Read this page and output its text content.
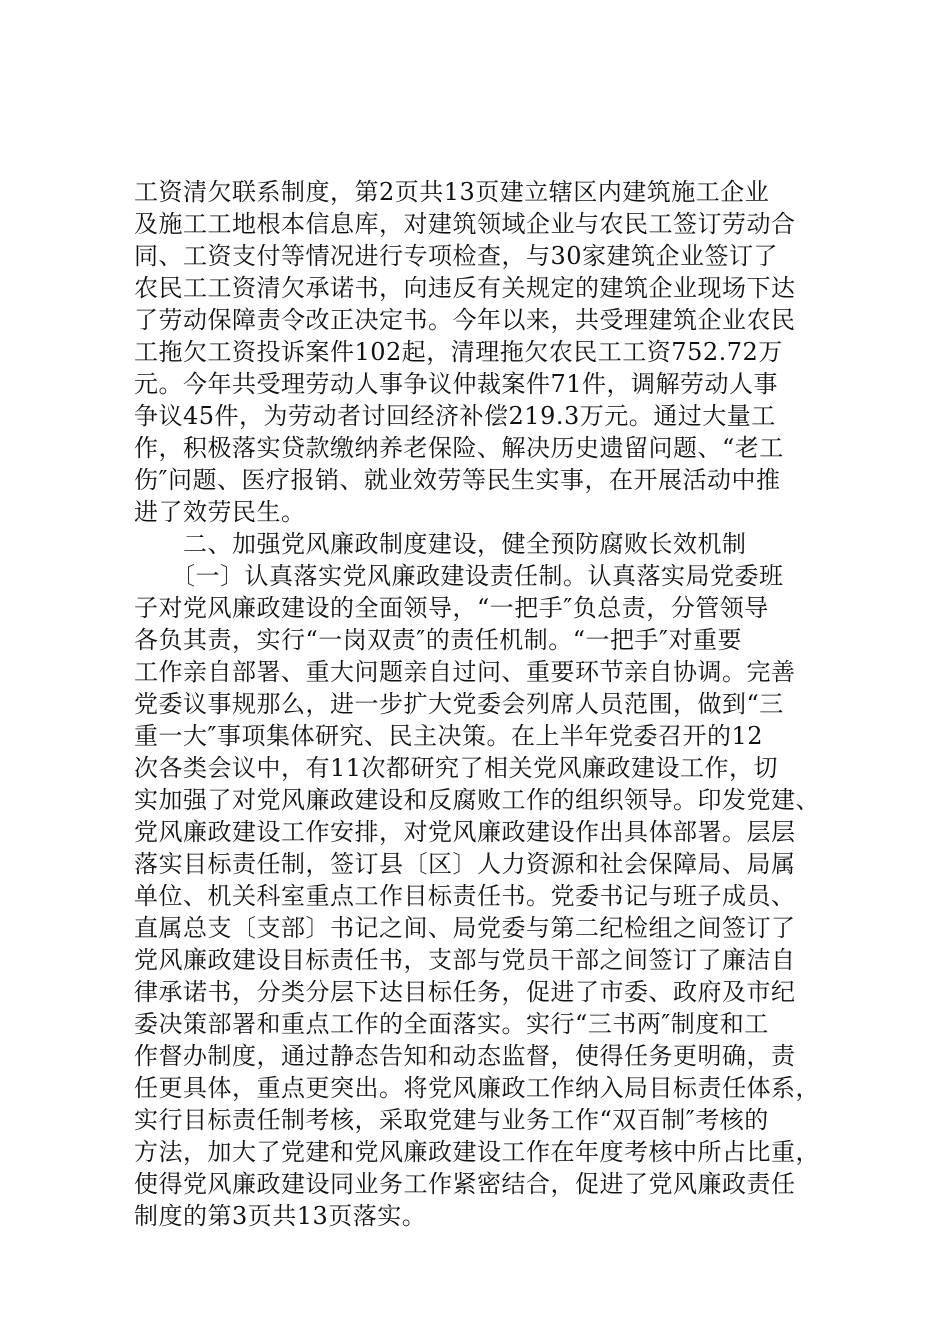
工资清欠联系制度，第2页共13页建立辖区内建筑施工企业
及施工工地根本信息库，对建筑领域企业与农民工签订劳动合
同、工资支付等情况进行专项检查，与30家建筑企业签订了
农民工工资清欠承诺书，向违反有关规定的建筑企业现场下达
了劳动保障责令改正决定书。今年以来，共受理建筑企业农民
工拖欠工资投诉案件102起，清理拖欠农民工工资752.72万
元。今年共受理劳动人事争议仲裁案件71件，调解劳动人事
争议45件，为劳动者讨回经济补偿219.3万元。通过大量工
作，积极落实贷款缴纳养老保险、解决历史遗留问题、“老工
伤″问题、医疗报销、就业效劳等民生实事，在开展活动中推
进了效劳民生。
　　二、加强党风廉政制度建设，健全预防腐败长效机制
　　〔一〕认真落实党风廉政建设责任制。认真落实局党委班
子对党风廉政建设的全面领导，“一把手″负总责，分管领导
各负其责，实行“一岗双责″的责任机制。“一把手″对重要
工作亲自部署、重大问题亲自过问、重要环节亲自协调。完善
党委议事规那么，进一步扩大党委会列席人员范围，做到“三
重一大″事项集体研究、民主决策。在上半年党委召开的12
次各类会议中，有11次都研究了相关党风廉政建设工作，切
实加强了对党风廉政建设和反腐败工作的组织领导。印发党建、
党风廉政建设工作安排，对党风廉政建设作出具体部署。层层
落实目标责任制，签订县〔区〕人力资源和社会保障局、局属
单位、机关科室重点工作目标责任书。党委书记与班子成员、
直属总支〔支部〕书记之间、局党委与第二纪检组之间签订了
党风廉政建设目标责任书，支部与党员干部之间签订了廉洁自
律承诺书，分类分层下达目标任务，促进了市委、政府及市纪
委决策部署和重点工作的全面落实。实行“三书两″制度和工
作督办制度，通过静态告知和动态监督，使得任务更明确，责
任更具体，重点更突出。将党风廉政工作纳入局目标责任体系，
实行目标责任制考核，采取党建与业务工作“双百制″考核的
方法，加大了党建和党风廉政建设工作在年度考核中所占比重，
使得党风廉政建设同业务工作紧密结合，促进了党风廉政责任
制度的第3页共13页落实。
